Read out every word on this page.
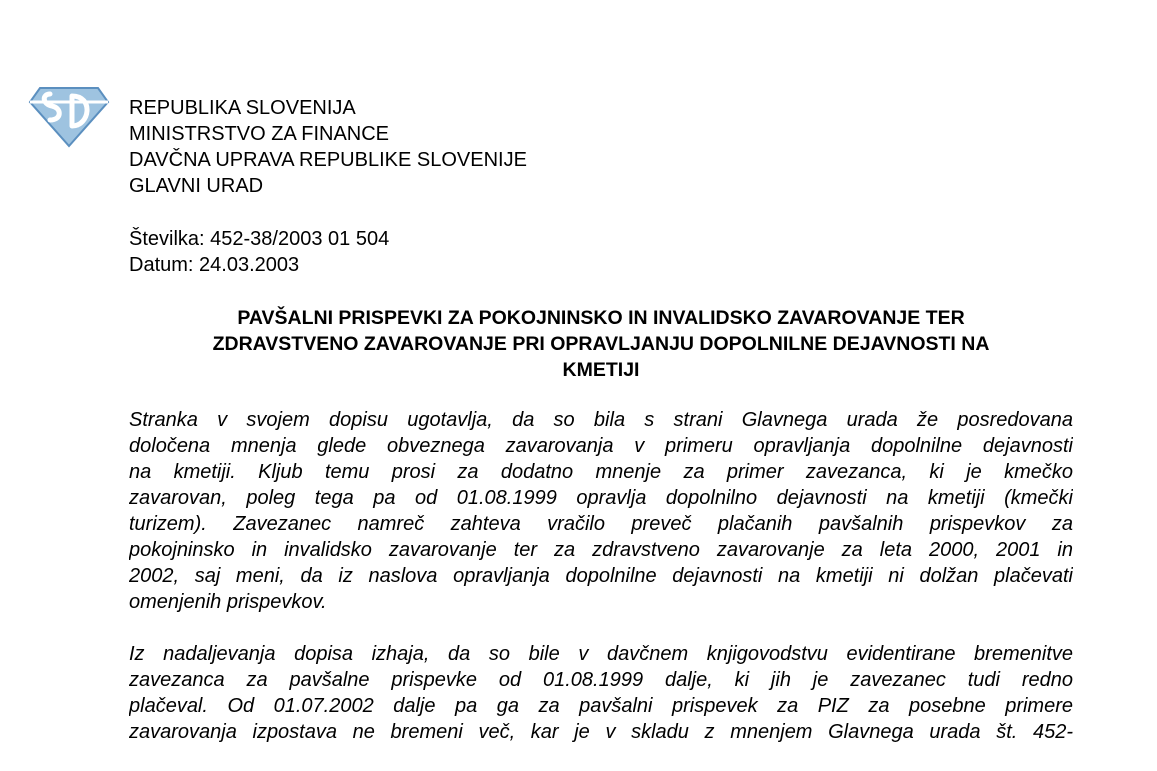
REPUBLIKA SLOVENIJA
MINISTRSTVO ZA FINANCE
DAVČNA UPRAVA REPUBLIKE SLOVENIJE
GLAVNI URAD
Številka: 452-38/2003 01 504
Datum: 24.03.2003
PAVŠALNI PRISPEVKI ZA POKOJNINSKO IN INVALIDSKO ZAVAROVANJE TER
ZDRAVSTVENO ZAVAROVANJE PRI OPRAVLJANJU DOPOLNILNE DEJAVNOSTI NA
KMETIJI
Stranka v svojem dopisu ugotavlja, da so bila s strani Glavnega urada že posredovana
določena mnenja glede obveznega zavarovanja v primeru opravljanja dopolnilne dejavnosti
na kmetiji. Kljub temu prosi za dodatno mnenje za primer zavezanca, ki je kmečko
zavarovan, poleg tega pa od 01.08.1999 opravlja dopolnilno dejavnosti na kmetiji (kmečki
turizem). Zavezanec namreč zahteva vračilo preveč plačanih pavšalnih prispevkov za
pokojninsko in invalidsko zavarovanje ter za zdravstveno zavarovanje za leta 2000, 2001 in
2002, saj meni, da iz naslova opravljanja dopolnilne dejavnosti na kmetiji ni dolžan plačevati
omenjenih prispevkov.
Iz nadaljevanja dopisa izhaja, da so bile v davčnem knjigovodstvu evidentirane bremenitve
zavezanca za pavšalne prispevke od 01.08.1999 dalje, ki jih je zavezanec tudi redno
plačeval. Od 01.07.2002 dalje pa ga za pavšalni prispevek za PIZ za posebne primere
zavarovanja izpostava ne bremeni več, kar je v skladu z mnenjem Glavnega urada št. 452-
